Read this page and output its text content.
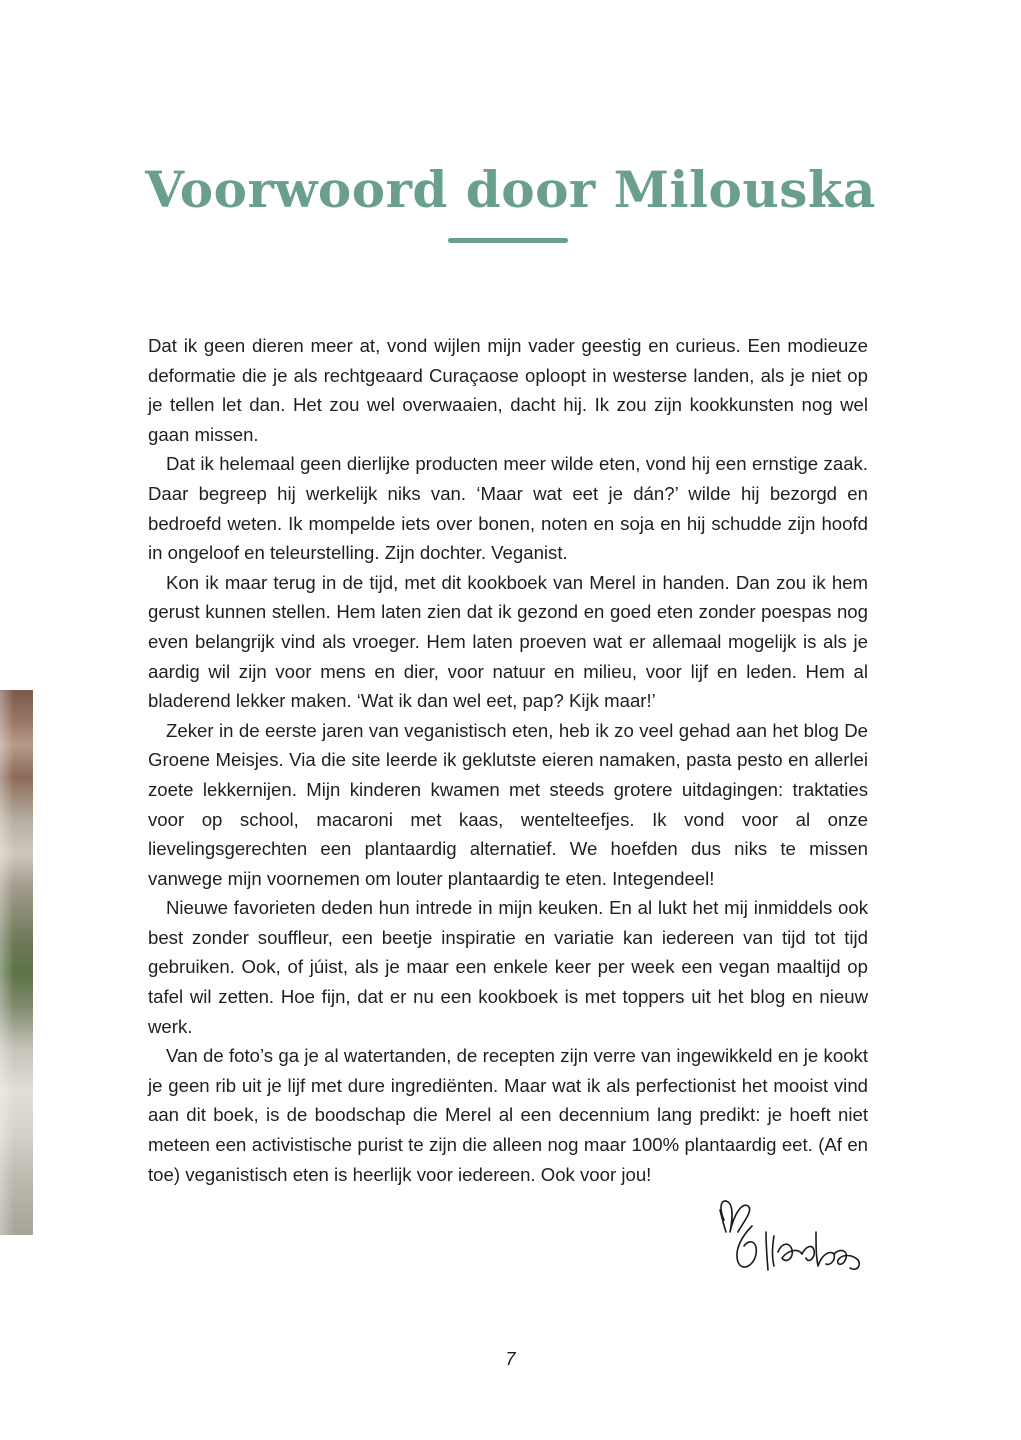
Voorwoord door Milouska

Dat ik geen dieren meer at, vond wijlen mijn vader geestig en curieus. Een modieuze deformatie die je als rechtgeaard Curaçaose oploopt in westerse landen, als je niet op je tellen let dan. Het zou wel overwaaien, dacht hij. Ik zou zijn kookkunsten nog wel gaan missen.

Dat ik helemaal geen dierlijke producten meer wilde eten, vond hij een ernstige zaak. Daar begreep hij werkelijk niks van. ‘Maar wat eet je dán?’ wilde hij bezorgd en bedroefd weten. Ik mompelde iets over bonen, noten en soja en hij schudde zijn hoofd in ongeloof en teleurstelling. Zijn dochter. Veganist.

Kon ik maar terug in de tijd, met dit kookboek van Merel in handen. Dan zou ik hem gerust kunnen stellen. Hem laten zien dat ik gezond en goed eten zonder poespas nog even belangrijk vind als vroeger. Hem laten proeven wat er allemaal mogelijk is als je aardig wil zijn voor mens en dier, voor natuur en milieu, voor lijf en leden. Hem al bladerend lekker maken. ‘Wat ik dan wel eet, pap? Kijk maar!’

Zeker in de eerste jaren van veganistisch eten, heb ik zo veel gehad aan het blog De Groene Meisjes. Via die site leerde ik geklutste eieren namaken, pasta pesto en allerlei zoete lekkernijen. Mijn kinderen kwamen met steeds grotere uitdagingen: traktaties voor op school, macaroni met kaas, wentelteefjes. Ik vond voor al onze lievelingsgerechten een plantaardig alternatief. We hoefden dus niks te missen vanwege mijn voornemen om louter plantaardig te eten. Integendeel!

Nieuwe favorieten deden hun intrede in mijn keuken. En al lukt het mij inmiddels ook best zonder souffleur, een beetje inspiratie en variatie kan iedereen van tijd tot tijd gebruiken. Ook, of júist, als je maar een enkele keer per week een vegan maaltijd op tafel wil zetten. Hoe fijn, dat er nu een kookboek is met toppers uit het blog en nieuw werk.

Van de foto’s ga je al watertanden, de recepten zijn verre van ingewikkeld en je kookt je geen rib uit je lijf met dure ingrediënten. Maar wat ik als perfectionist het mooist vind aan dit boek, is de boodschap die Merel al een decennium lang predikt: je hoeft niet meteen een activistische purist te zijn die alleen nog maar 100% plantaardig eet. (Af en toe) veganistisch eten is heerlijk voor iedereen. Ook voor jou!

7
